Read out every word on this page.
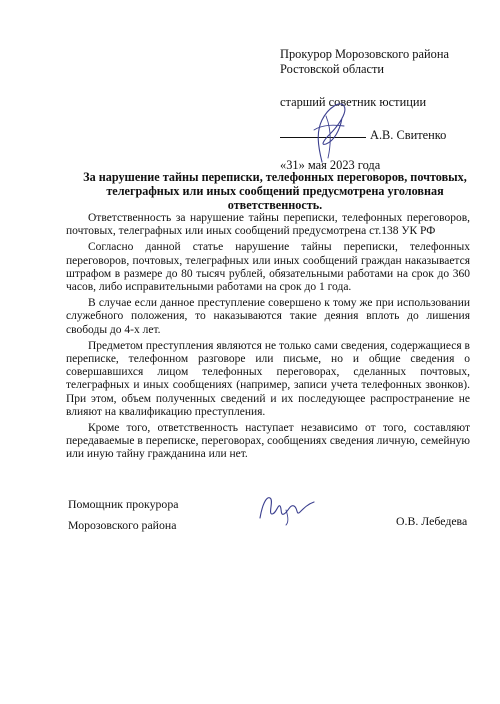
Прокурор Морозовского района
Ростовской области
старший советник юстиции
А.В. Свитенко
«31» мая 2023 года
За нарушение тайны переписки, телефонных переговоров, почтовых, телеграфных или иных сообщений предусмотрена уголовная ответственность.

Ответственность за нарушение тайны переписки, телефонных переговоров, почтовых, телеграфных или иных сообщений предусмотрена ст.138 УК РФ

Согласно данной статье нарушение тайны переписки, телефонных переговоров, почтовых, телеграфных или иных сообщений граждан наказывается штрафом в размере до 80 тысяч рублей, обязательными работами на срок до 360 часов, либо исправительными работами на срок до 1 года.

В случае если данное преступление совершено к тому же при использовании служебного положения, то наказываются такие деяния вплоть до лишения свободы до 4-х лет.

Предметом преступления являются не только сами сведения, содержащиеся в переписке, телефонном разговоре или письме, но и общие сведения о совершавшихся лицом телефонных переговорах, сделанных почтовых, телеграфных и иных сообщениях (например, записи учета телефонных звонков). При этом, объем полученных сведений и их последующее распространение не влияют на квалификацию преступления.

Кроме того, ответственность наступает независимо от того, составляют передаваемые в переписке, переговорах, сообщениях сведения личную, семейную или иную тайну гражданина или нет.

Помощник прокурора
Морозовского района	О.В. Лебедева
